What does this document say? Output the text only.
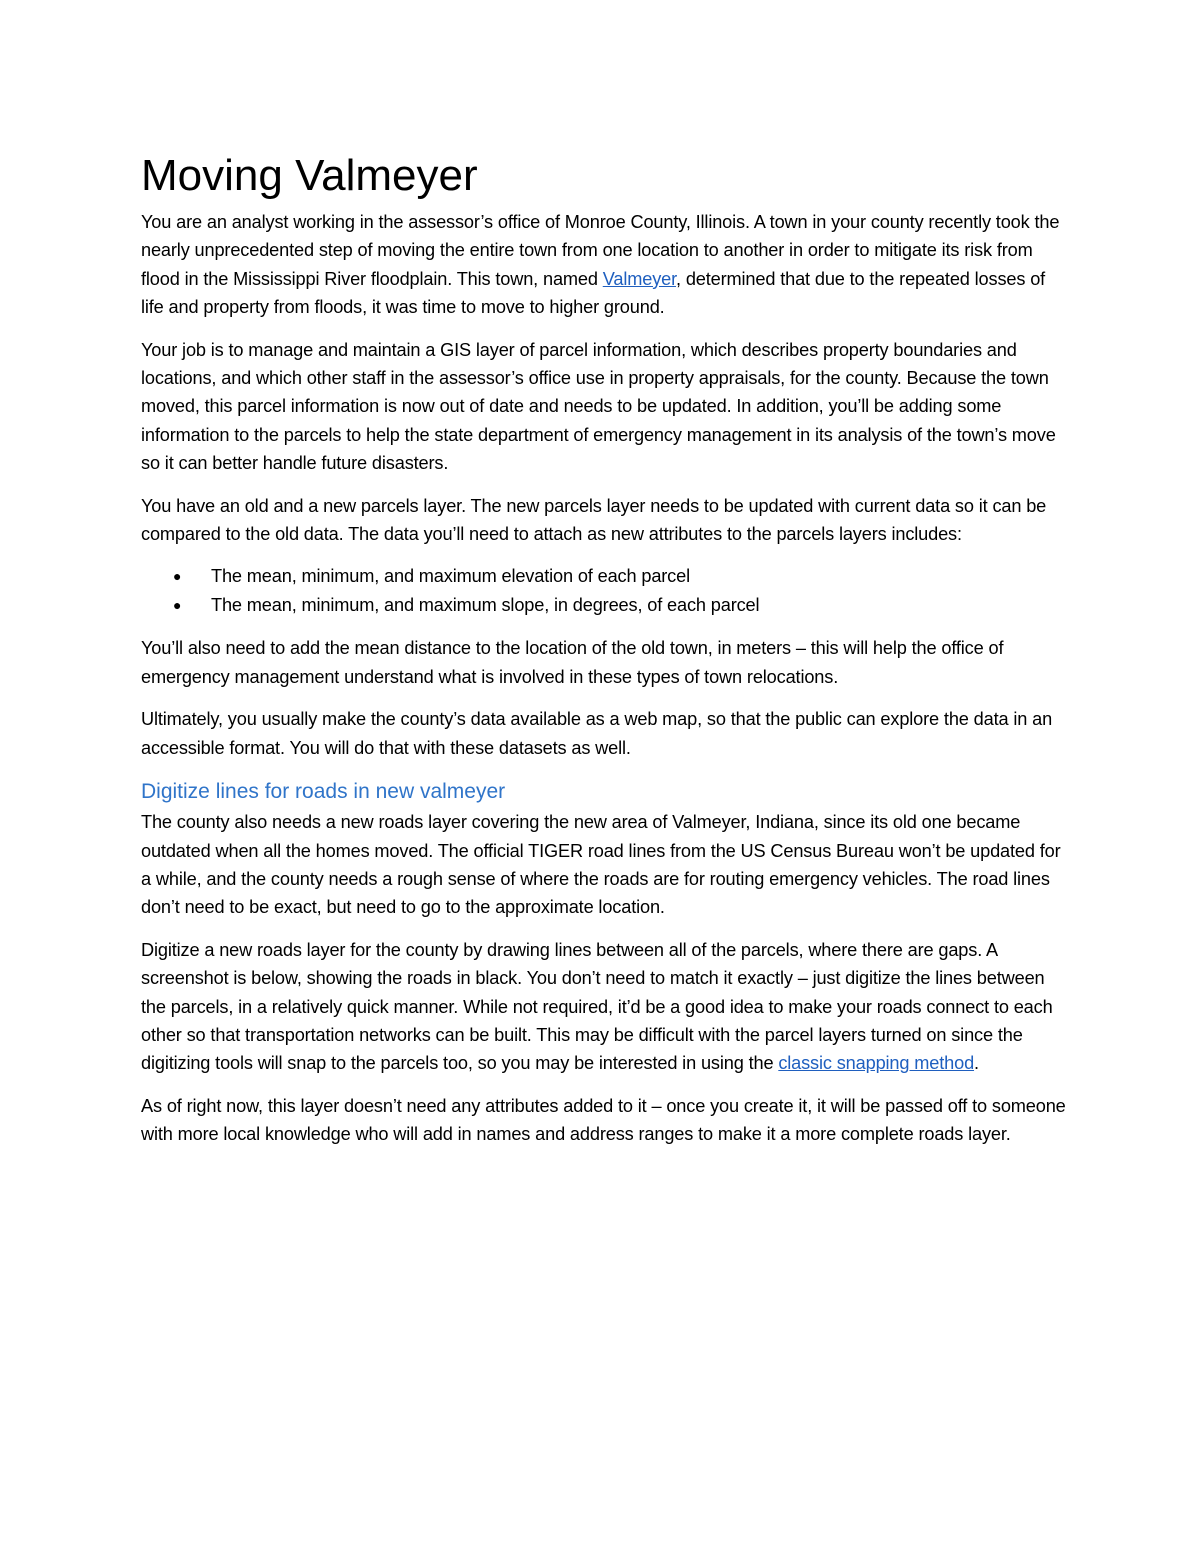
Moving Valmeyer

You are an analyst working in the assessor’s office of Monroe County, Illinois. A town in your county recently took the nearly unprecedented step of moving the entire town from one location to another in order to mitigate its risk from flood in the Mississippi River floodplain. This town, named Valmeyer, determined that due to the repeated losses of life and property from floods, it was time to move to higher ground.

Your job is to manage and maintain a GIS layer of parcel information, which describes property boundaries and locations, and which other staff in the assessor’s office use in property appraisals, for the county. Because the town moved, this parcel information is now out of date and needs to be updated. In addition, you’ll be adding some information to the parcels to help the state department of emergency management in its analysis of the town’s move so it can better handle future disasters.

You have an old and a new parcels layer. The new parcels layer needs to be updated with current data so it can be compared to the old data. The data you’ll need to attach as new attributes to the parcels layers includes:

● The mean, minimum, and maximum elevation of each parcel
● The mean, minimum, and maximum slope, in degrees, of each parcel

You’ll also need to add the mean distance to the location of the old town, in meters – this will help the office of emergency management understand what is involved in these types of town relocations.

Ultimately, you usually make the county’s data available as a web map, so that the public can explore the data in an accessible format. You will do that with these datasets as well.

Digitize lines for roads in new valmeyer

The county also needs a new roads layer covering the new area of Valmeyer, Indiana, since its old one became outdated when all the homes moved. The official TIGER road lines from the US Census Bureau won’t be updated for a while, and the county needs a rough sense of where the roads are for routing emergency vehicles. The road lines don’t need to be exact, but need to go to the approximate location.

Digitize a new roads layer for the county by drawing lines between all of the parcels, where there are gaps. A screenshot is below, showing the roads in black. You don’t need to match it exactly – just digitize the lines between the parcels, in a relatively quick manner. While not required, it’d be a good idea to make your roads connect to each other so that transportation networks can be built. This may be difficult with the parcel layers turned on since the digitizing tools will snap to the parcels too, so you may be interested in using the classic snapping method.

As of right now, this layer doesn’t need any attributes added to it – once you create it, it will be passed off to someone with more local knowledge who will add in names and address ranges to make it a more complete roads layer.
